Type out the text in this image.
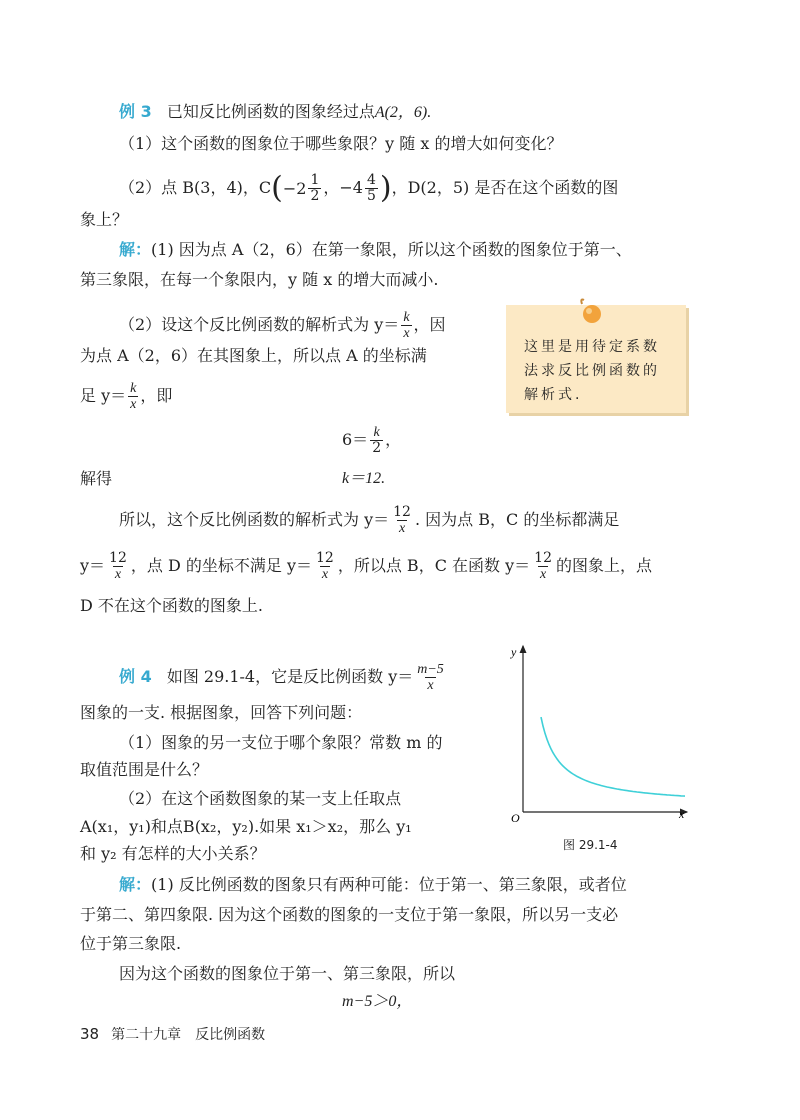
例 3 已知反比例函数的图象经过点A(2，6).
（1）这个函数的图象位于哪些象限？y 随 x 的增大如何变化？
（2）点 B(3，4)，$C( -2 \frac{1}{2}$ ，$-4 \frac{4}{5}$ )，D(2，5) 是否在这个函数的图
象上？
解：(1) 因为点 A（2，6）在第一象限，所以这个函数的图象位于第一、
第三象限，在每一个象限内，y 随 x 的增大而减小.
（2）设这个反比例函数的解析式为 $y= \frac{k}{x}$ ，因
为点 A（2，6）在其图象上，所以点 A 的坐标满
足 $y= \frac{k}{x}$ ，即
$6= \frac{k}{2}$ ，
解得	k＝12.
所以，这个反比例函数的解析式为 $y= \frac{12}{x}$ . 因为点 B，C 的坐标都满足
$y= \frac{12}{x}$ ，点 D 的坐标不满足 $y= \frac{12}{x}$ ，所以点 B，C 在函数 $y= \frac{12}{x}$ 的图象上，点
D 不在这个函数的图象上.
这里是用待定系数法求反比例函数的解析式.
例 4 如图 29.1-4，它是反比例函数 $y= \frac{m-5}{x}$
图象的一支. 根据图象，回答下列问题：
（1）图象的另一支位于哪个象限？常数 m 的
取值范围是什么？
（2）在这个函数图象的某一支上任取点
A(x₁，y₁)和点B(x₂，y₂).如果 x₁＞x₂，那么 y₁
和 y₂ 有怎样的大小关系？
解：(1) 反比例函数的图象只有两种可能：位于第一、第三象限，或者位
于第二、第四象限. 因为这个函数的图象的一支位于第一象限，所以另一支必
位于第三象限.
因为这个函数的图象位于第一、第三象限，所以
m−5＞0，
y
x
O
图 29.1-4
38 第二十九章　反比例函数
